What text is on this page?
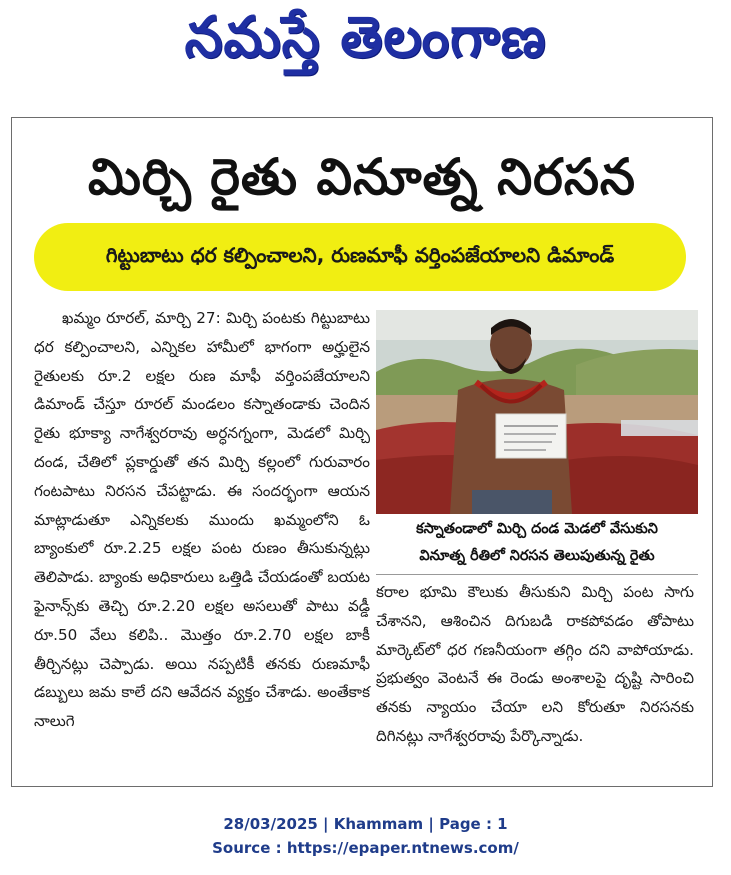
నమస్తే తెలంగాణ
మిర్చి రైతు వినూత్న నిరసన
గిట్టుబాటు ధర కల్పించాలని, రుణమాఫీ వర్తింపజేయాలని డిమాండ్

ఖమ్మం రూరల్, మార్చి 27: మిర్చి పంటకు గిట్టుబాటు ధర కల్పించాలని, ఎన్నికల హామీలో భాగంగా అర్హులైన రైతులకు రూ.2 లక్షల రుణ మాఫీ వర్తింపజేయాలని డిమాండ్ చేస్తూ రూరల్ మండలం కస్నాతండాకు చెందిన రైతు భూక్యా నాగేశ్వరరావు అర్ధనగ్నంగా, మెడలో మిర్చి దండ, చేతిలో ప్లకార్డుతో తన మిర్చి కల్లంలో గురువారం గంటపాటు నిరసన చేపట్టాడు. ఈ సందర్భంగా ఆయన మాట్లాడుతూ ఎన్నికలకు ముందు ఖమ్మంలోని ఓ బ్యాంకులో రూ.2.25 లక్షల పంట రుణం తీసుకున్నట్లు తెలిపాడు. బ్యాంకు అధికారులు ఒత్తిడి చేయడంతో బయట ఫైనాన్స్‌కు తెచ్చి రూ.2.20 లక్షల అసలుతో పాటు వడ్డీ రూ.50 వేలు కలిపి.. మొత్తం రూ.2.70 లక్షల బాకీ తీర్చినట్లు చెప్పాడు. అయి నప్పటికీ తనకు రుణమాఫీ డబ్బులు జమ కాలే దని ఆవేదన వ్యక్తం చేశాడు. అంతేకాక నాలుగె

కస్నాతండాలో మిర్చి దండ మెడలో వేసుకుని
వినూత్న రీతిలో నిరసన తెలుపుతున్న రైతు

కరాల భూమి కౌలుకు తీసుకుని మిర్చి పంట సాగు చేశానని, ఆశించిన దిగుబడి రాకపోవడం తోపాటు మార్కెట్‌లో ధర గణనీయంగా తగ్గిం దని వాపోయాడు. ప్రభుత్వం వెంటనే ఈ రెండు అంశాలపై దృష్టి సారించి తనకు న్యాయం చేయా లని కోరుతూ నిరసనకు దిగినట్లు నాగేశ్వరరావు పేర్కొన్నాడు.

28/03/2025 | Khammam | Page : 1
Source : https://epaper.ntnews.com/
